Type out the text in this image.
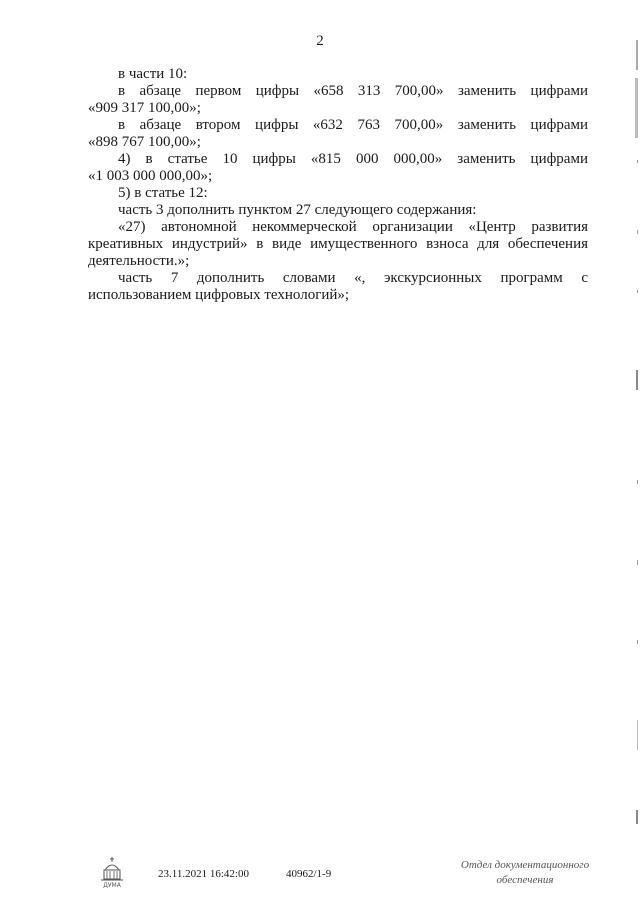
2
в части 10:
в абзаце первом цифры «658 313 700,00» заменить цифрами
«909 317 100,00»;
в абзаце втором цифры «632 763 700,00» заменить цифрами
«898 767 100,00»;
4) в статье 10 цифры «815 000 000,00» заменить цифрами
«1 003 000 000,00»;
5) в статье 12:
часть 3 дополнить пунктом 27 следующего содержания:
«27) автономной некоммерческой организации «Центр развития
креативных индустрий» в виде имущественного взноса для обеспечения
деятельности.»;
часть 7 дополнить словами «, экскурсионных программ с
использованием цифровых технологий»;
ДУМА
23.11.2021 16:42:00	40962/1-9
Отдел документационного
обеспечения
